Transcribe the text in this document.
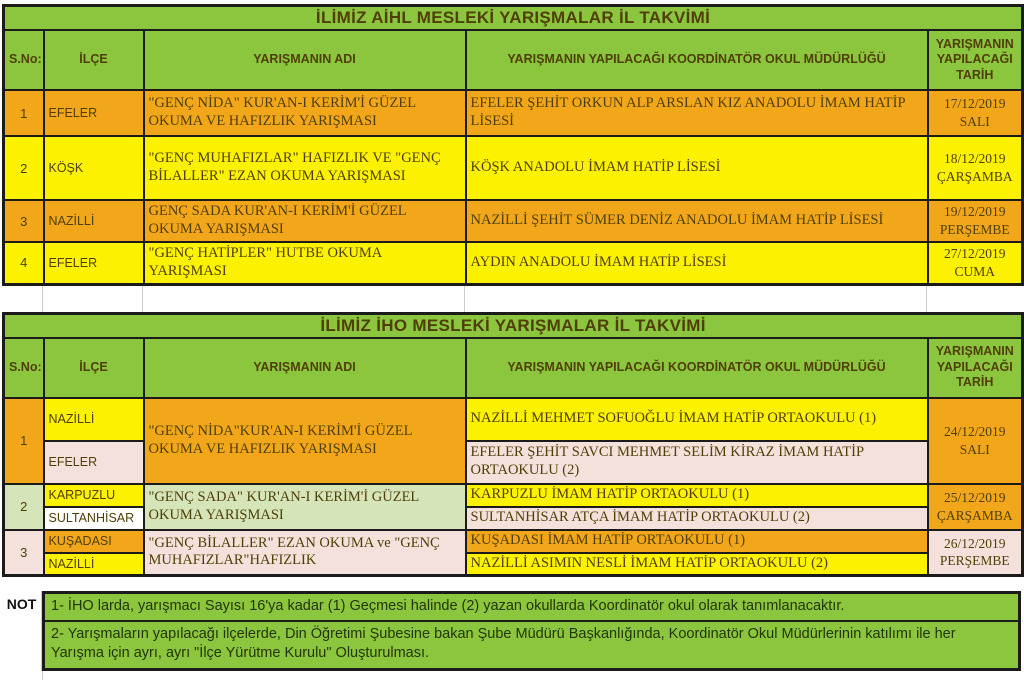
İLİMİZ AİHL MESLEKİ YARIŞMALAR İL TAKVİMİ				
S.No:	İLÇE	YARIŞMANIN ADI	YARIŞMANIN YAPILACAĞI KOORDİNATÖR OKUL MÜDÜRLÜĞÜ	YARIŞMANIN YAPILACAĞI TARİH
1	EFELER	"GENÇ NİDA" KUR'AN-I KERİM'İ GÜZEL OKUMA VE HAFIZLIK YARIŞMASI	EFELER ŞEHİT ORKUN ALP ARSLAN KIZ ANADOLU İMAM HATİP LİSESİ	17/12/2019
SALI

2	KÖŞK	"GENÇ MUHAFIZLAR" HAFIZLIK VE "GENÇ BİLALLER" EZAN OKUMA YARIŞMASI	KÖŞK ANADOLU İMAM HATİP LİSESİ	18/12/2019
ÇARŞAMBA

3	NAZİLLİ	GENÇ SADA KUR'AN-I KERİM'İ GÜZEL OKUMA YARIŞMASI	NAZİLLİ ŞEHİT SÜMER DENİZ ANADOLU İMAM HATİP LİSESİ	19/12/2019
PERŞEMBE

4	EFELER	"GENÇ HATİPLER" HUTBE OKUMA YARIŞMASI	AYDIN ANADOLU İMAM HATİP LİSESİ	27/12/2019
CUMA
İLİMİZ İHO MESLEKİ YARIŞMALAR İL TAKVİMİ				
S.No:	İLÇE	YARIŞMANIN ADI	YARIŞMANIN YAPILACAĞI KOORDİNATÖR OKUL MÜDÜRLÜĞÜ	YARIŞMANIN YAPILACAĞI TARİH
1	NAZİLLİ	"GENÇ NİDA"KUR'AN-I KERİM'İ GÜZEL OKUMA VE HAFIZLIK YARIŞMASI	NAZİLLİ MEHMET SOFUOĞLU İMAM HATİP ORTAOKULU (1)	24/12/2019
SALI

	EFELER		EFELER ŞEHİT SAVCI MEHMET SELİM KİRAZ İMAM HATİP ORTAOKULU (2)	
2	KARPUZLU	"GENÇ SADA" KUR'AN-I KERİM'İ GÜZEL OKUMA YARIŞMASI	KARPUZLU İMAM HATİP ORTAOKULU (1)	25/12/2019
ÇARŞAMBA

	SULTANHİSAR		SULTANHİSAR ATÇA İMAM HATİP ORTAOKULU (2)	
3	KUŞADASI	"GENÇ BİLALLER" EZAN OKUMA ve "GENÇ MUHAFIZLAR"HAFIZLIK	KUŞADASI İMAM HATİP ORTAOKULU (1)	26/12/2019
PERŞEMBE

	NAZİLLİ		NAZİLLİ ASIMIN NESLİ İMAM HATİP ORTAOKULU (2)	
NOT	1- İHO larda, yarışmacı Sayısı 16'ya kadar (1) Geçmesi halinde (2) yazan okullarda Koordinatör okul olarak tanımlanacaktır.
2- Yarışmaların yapılacağı ilçelerde, Din Öğretimi Şubesine bakan Şube Müdürü Başkanlığında, Koordinatör Okul Müdürlerinin katılımı ile her Yarışma için ayrı, ayrı "İlçe Yürütme Kurulu" Oluşturulması.
